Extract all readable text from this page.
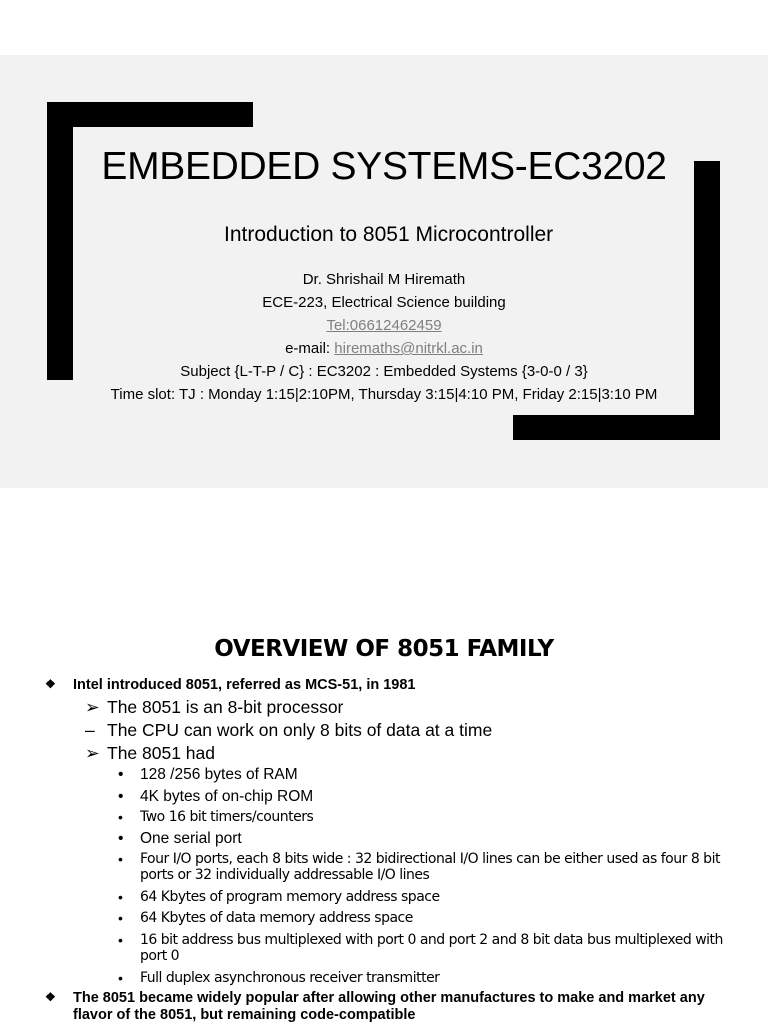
EMBEDDED SYSTEMS-EC3202
Introduction to 8051 Microcontroller
Dr. Shrishail M Hiremath
ECE-223, Electrical Science building
Tel:06612462459
e-mail: hiremaths@nitrkl.ac.in
Subject {L-T-P / C} : EC3202 : Embedded Systems {3-0-0 / 3}
Time slot: TJ : Monday 1:15|2:10PM, Thursday 3:15|4:10 PM, Friday 2:15|3:10 PM
OVERVIEW OF 8051 FAMILY
❖ Intel introduced 8051, referred as MCS-51, in 1981
➢ The 8051 is an 8-bit processor
– The CPU can work on only 8 bits of data at a time
➢ The 8051 had
• 128 /256 bytes of RAM
• 4K bytes of on-chip ROM
• Two 16 bit timers/counters
• One serial port
• Four I/O ports, each 8 bits wide : 32 bidirectional I/O lines can be either used as four 8 bit ports or 32 individually addressable I/O lines
• 64 Kbytes of program memory address space
• 64 Kbytes of data memory address space
• 16 bit address bus multiplexed with port 0 and port 2 and 8 bit data bus multiplexed with port 0
• Full duplex asynchronous receiver transmitter
❖ The 8051 became widely popular after allowing other manufactures to make and market any flavor of the 8051, but remaining code-compatible
